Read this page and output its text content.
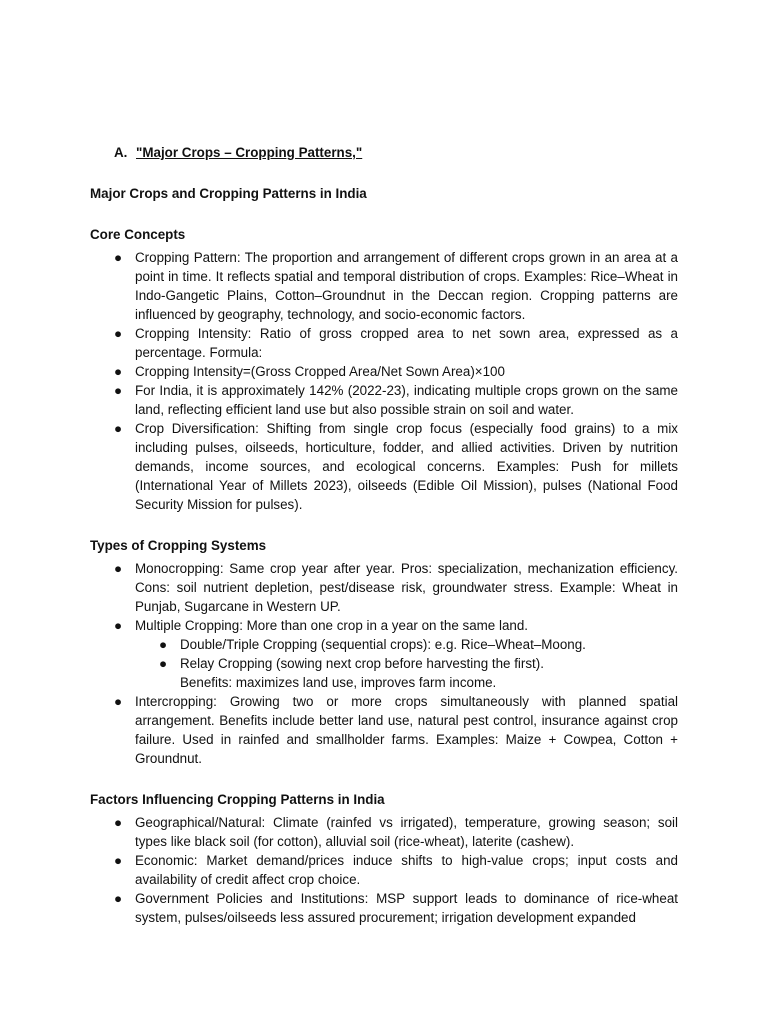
A. "Major Crops – Cropping Patterns,"

Major Crops and Cropping Patterns in India

Core Concepts

● Cropping Pattern: The proportion and arrangement of different crops grown in an area at a point in time. It reflects spatial and temporal distribution of crops. Examples: Rice–Wheat in Indo-Gangetic Plains, Cotton–Groundnut in the Deccan region. Cropping patterns are influenced by geography, technology, and socio-economic factors.
● Cropping Intensity: Ratio of gross cropped area to net sown area, expressed as a percentage. Formula:
● Cropping Intensity=(Gross Cropped Area/Net Sown Area)×100
● For India, it is approximately 142% (2022-23), indicating multiple crops grown on the same land, reflecting efficient land use but also possible strain on soil and water.
● Crop Diversification: Shifting from single crop focus (especially food grains) to a mix including pulses, oilseeds, horticulture, fodder, and allied activities. Driven by nutrition demands, income sources, and ecological concerns. Examples: Push for millets (International Year of Millets 2023), oilseeds (Edible Oil Mission), pulses (National Food Security Mission for pulses).

Types of Cropping Systems

● Monocropping: Same crop year after year. Pros: specialization, mechanization efficiency. Cons: soil nutrient depletion, pest/disease risk, groundwater stress. Example: Wheat in Punjab, Sugarcane in Western UP.
● Multiple Cropping: More than one crop in a year on the same land.
● Double/Triple Cropping (sequential crops): e.g. Rice–Wheat–Moong.
● Relay Cropping (sowing next crop before harvesting the first).
Benefits: maximizes land use, improves farm income.
● Intercropping: Growing two or more crops simultaneously with planned spatial arrangement. Benefits include better land use, natural pest control, insurance against crop failure. Used in rainfed and smallholder farms. Examples: Maize + Cowpea, Cotton + Groundnut.

Factors Influencing Cropping Patterns in India

● Geographical/Natural: Climate (rainfed vs irrigated), temperature, growing season; soil types like black soil (for cotton), alluvial soil (rice-wheat), laterite (cashew).
● Economic: Market demand/prices induce shifts to high-value crops; input costs and availability of credit affect crop choice.
● Government Policies and Institutions: MSP support leads to dominance of rice-wheat system, pulses/oilseeds less assured procurement; irrigation development expanded
